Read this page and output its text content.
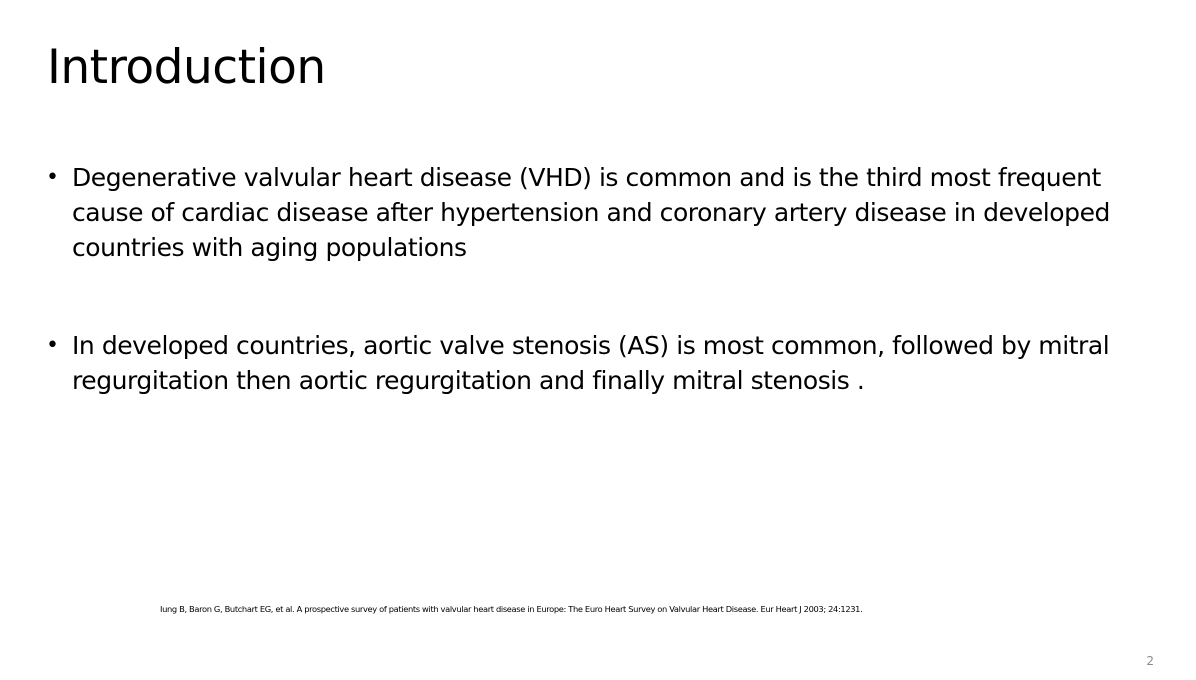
Introduction
• Degenerative valvular heart disease (VHD) is common and is the third most frequent cause of cardiac disease after hypertension and coronary artery disease in developed countries with aging populations
• In developed countries, aortic valve stenosis (AS) is most common, followed by mitral regurgitation then aortic regurgitation and finally mitral stenosis .
Iung B, Baron G, Butchart EG, et al. A prospective survey of patients with valvular heart disease in Europe: The Euro Heart Survey on Valvular Heart Disease. Eur Heart J 2003; 24:1231.
2
